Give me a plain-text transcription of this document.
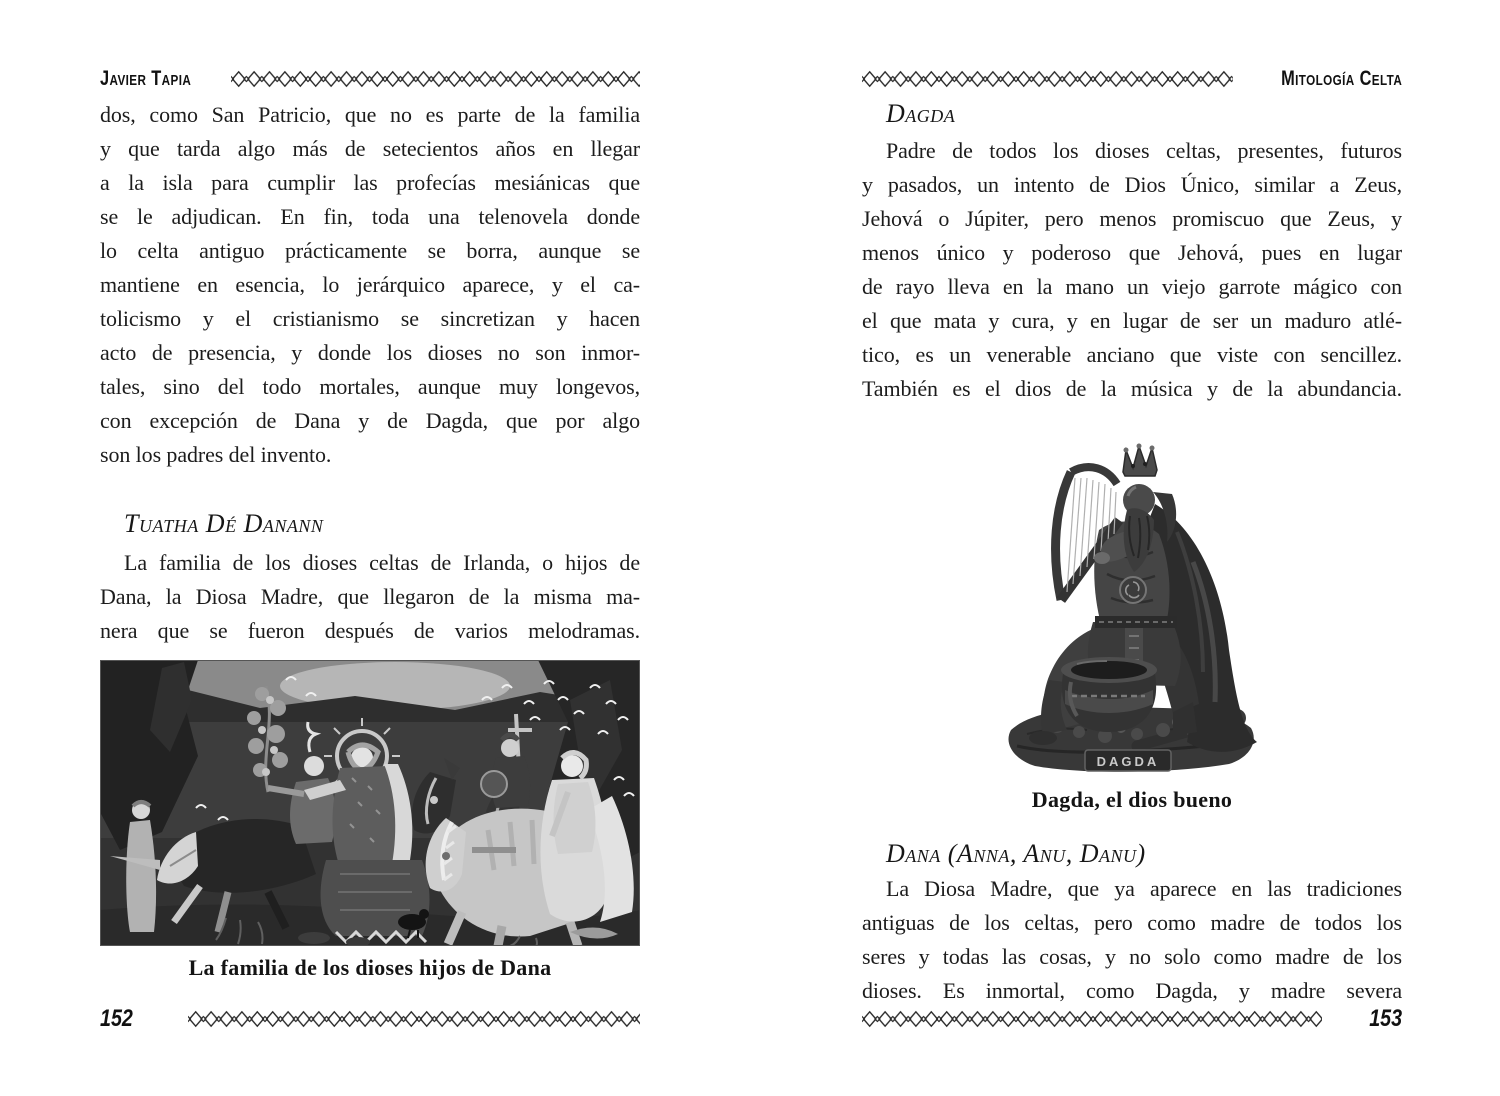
Javier Tapia
dos, como San Patricio, que no es parte de la familia
y que tarda algo más de setecientos años en llegar
a la isla para cumplir las profecías mesiánicas que
se le adjudican. En fin, toda una telenovela donde
lo celta antiguo prácticamente se borra, aunque se
mantiene en esencia, lo jerárquico aparece, y el ca-
tolicismo y el cristianismo se sincretizan y hacen
acto de presencia, y donde los dioses no son inmor-
tales, sino del todo mortales, aunque muy longevos,
con excepción de Dana y de Dagda, que por algo
son los padres del invento.
Tuatha Dé Danann
La familia de los dioses celtas de Irlanda, o hijos de
Dana, la Diosa Madre, que llegaron de la misma ma-
nera que se fueron después de varios melodramas.
La familia de los dioses hijos de Dana
152
Mitología Celta
Dagda
Padre de todos los dioses celtas, presentes, futuros
y pasados, un intento de Dios Único, similar a Zeus,
Jehová o Júpiter, pero menos promiscuo que Zeus, y
menos único y poderoso que Jehová, pues en lugar
de rayo lleva en la mano un viejo garrote mágico con
el que mata y cura, y en lugar de ser un maduro atlé-
tico, es un venerable anciano que viste con sencillez.
También es el dios de la música y de la abundancia.
DAGDA
Dagda, el dios bueno
Dana (Anna, Anu, Danu)
La Diosa Madre, que ya aparece en las tradiciones
antiguas de los celtas, pero como madre de todos los
seres y todas las cosas, y no solo como madre de los
dioses. Es inmortal, como Dagda, y madre severa
153
